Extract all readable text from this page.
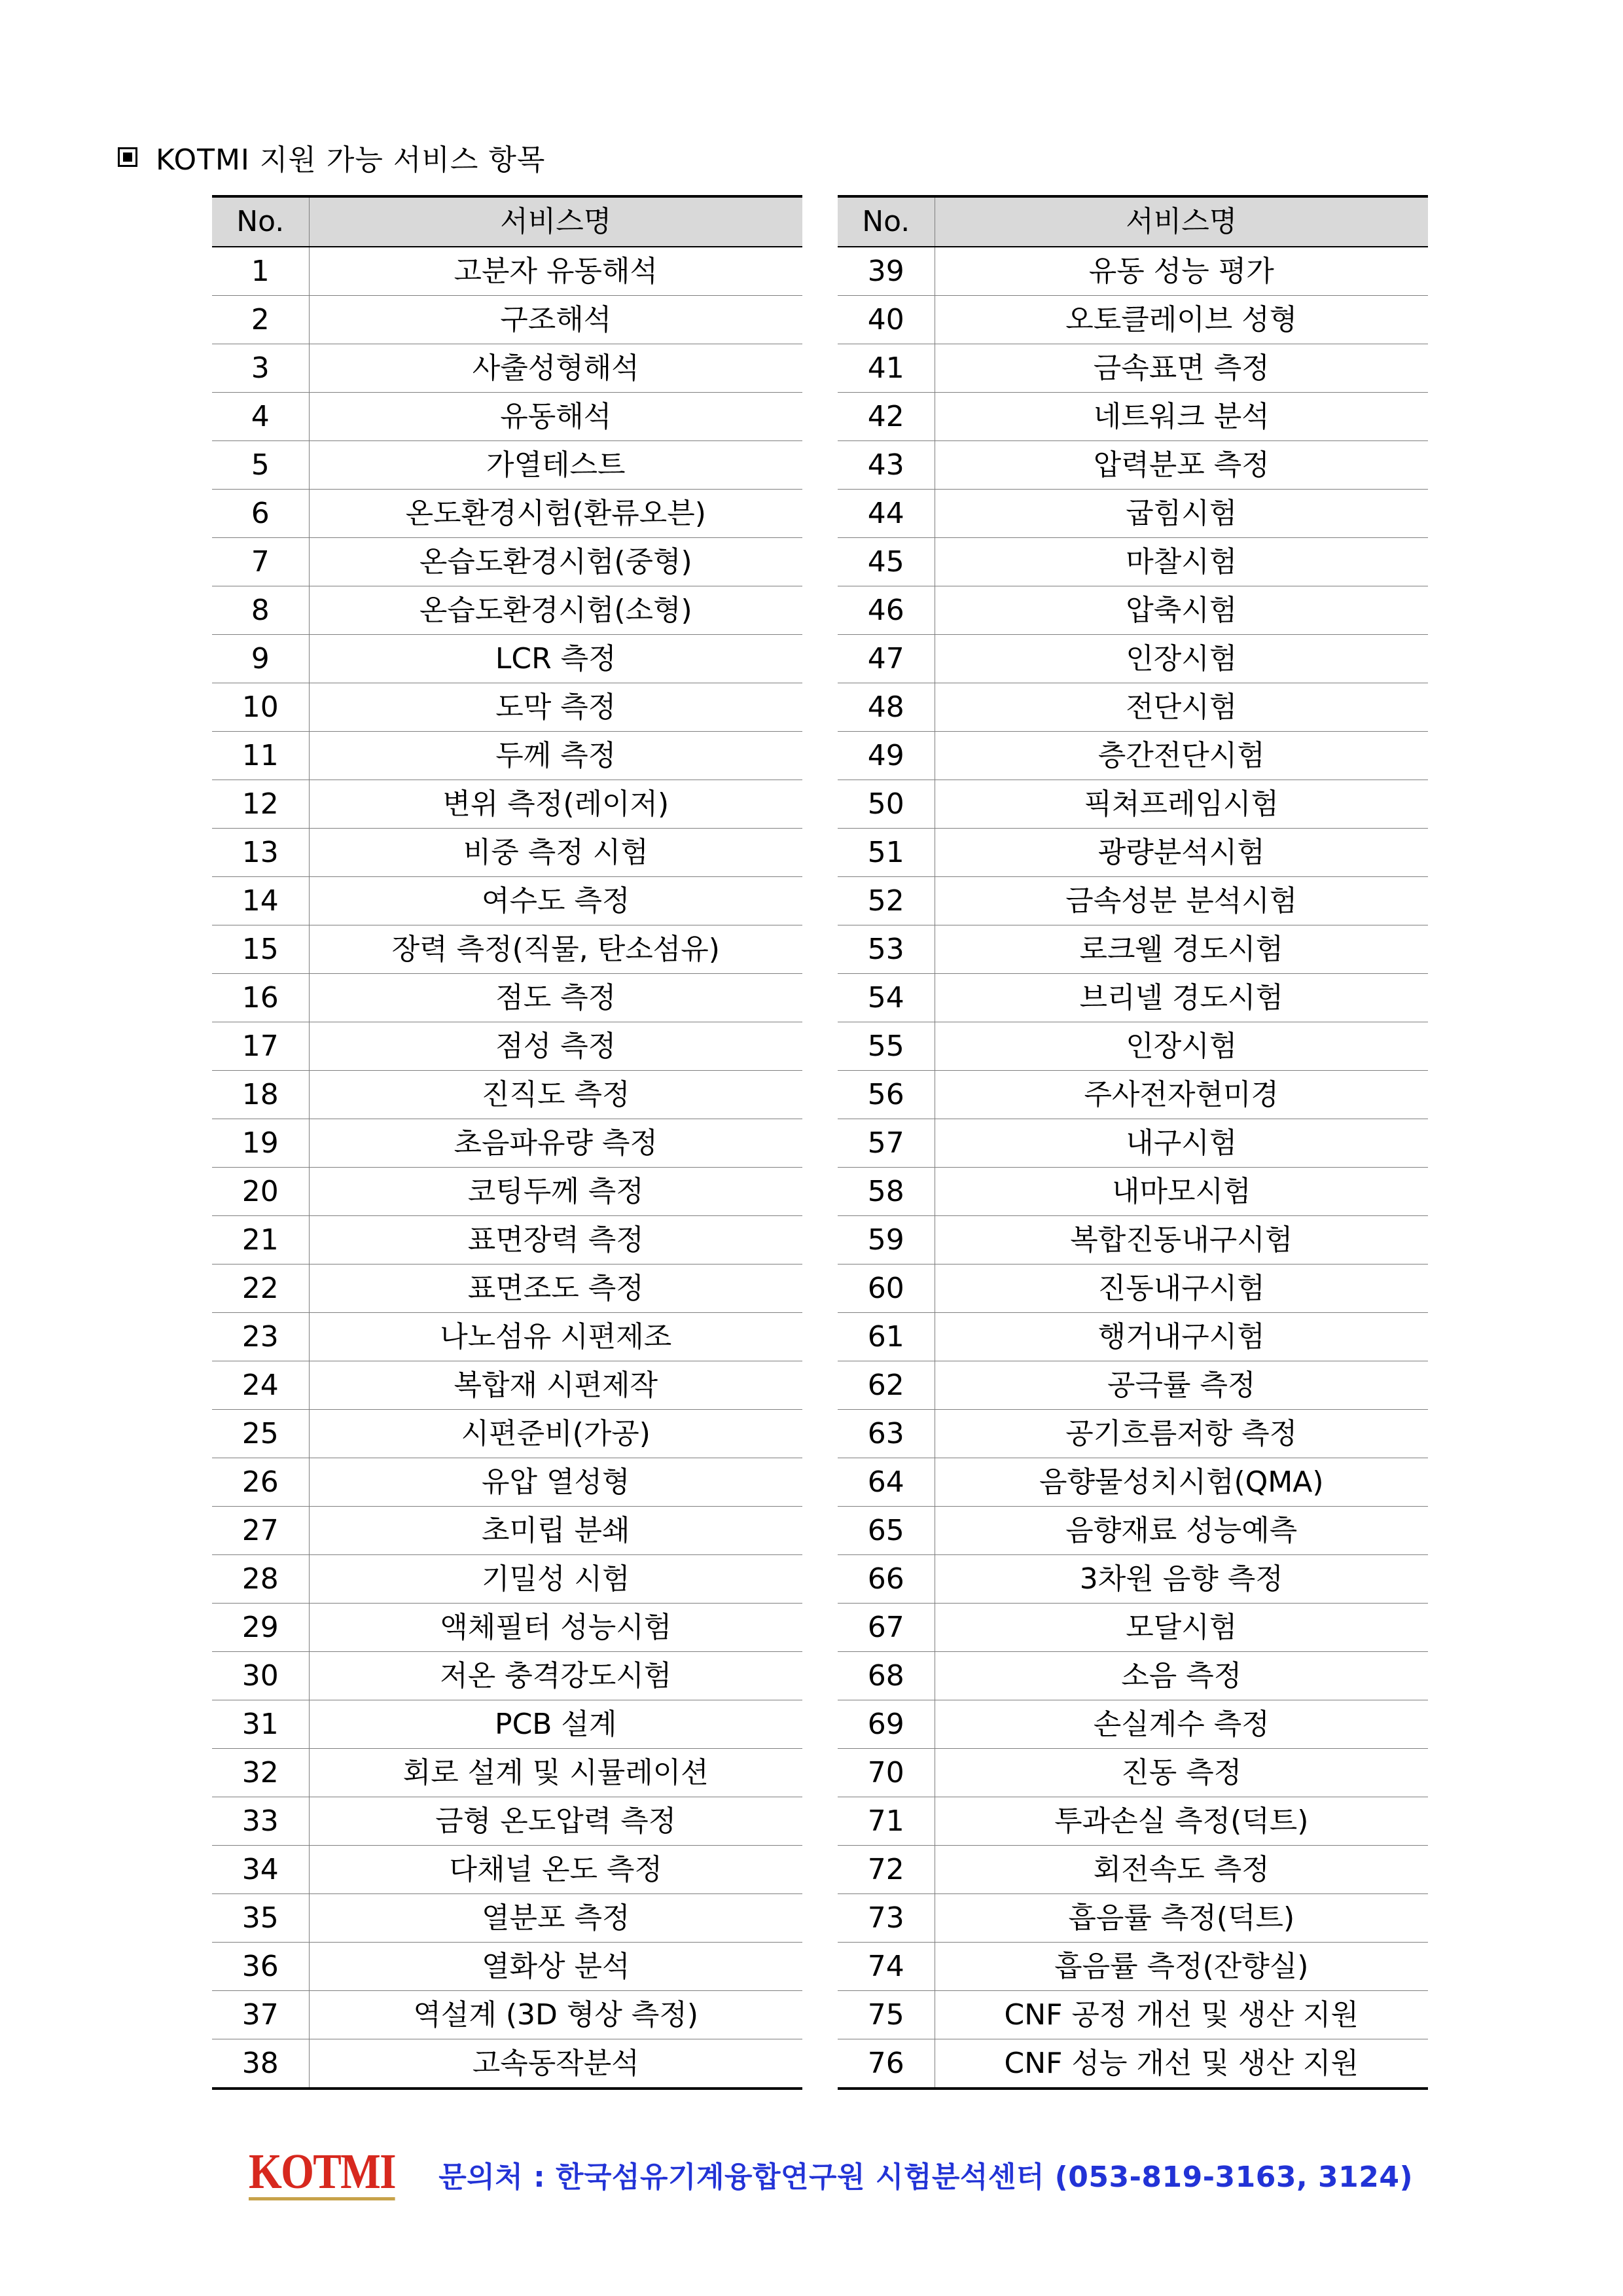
KOTMI 지원 가능 서비스 항목
No.	서비스명
1	고분자 유동해석
2	구조해석
3	사출성형해석
4	유동해석
5	가열테스트
6	온도환경시험(환류오븐)
7	온습도환경시험(중형)
8	온습도환경시험(소형)
9	LCR 측정
10	도막 측정
11	두께 측정
12	변위 측정(레이저)
13	비중 측정 시험
14	여수도 측정
15	장력 측정(직물, 탄소섬유)
16	점도 측정
17	점성 측정
18	진직도 측정
19	초음파유량 측정
20	코팅두께 측정
21	표면장력 측정
22	표면조도 측정
23	나노섬유 시편제조
24	복합재 시편제작
25	시편준비(가공)
26	유압 열성형
27	초미립 분쇄
28	기밀성 시험
29	액체필터 성능시험
30	저온 충격강도시험
31	PCB 설계
32	회로 설계 및 시뮬레이션
33	금형 온도압력 측정
34	다채널 온도 측정
35	열분포 측정
36	열화상 분석
37	역설계 (3D 형상 측정)
38	고속동작분석
No.	서비스명
39	유동 성능 평가
40	오토클레이브 성형
41	금속표면 측정
42	네트워크 분석
43	압력분포 측정
44	굽힘시험
45	마찰시험
46	압축시험
47	인장시험
48	전단시험
49	층간전단시험
50	픽쳐프레임시험
51	광량분석시험
52	금속성분 분석시험
53	로크웰 경도시험
54	브리넬 경도시험
55	인장시험
56	주사전자현미경
57	내구시험
58	내마모시험
59	복합진동내구시험
60	진동내구시험
61	행거내구시험
62	공극률 측정
63	공기흐름저항 측정
64	음향물성치시험(QMA)
65	음향재료 성능예측
66	3차원 음향 측정
67	모달시험
68	소음 측정
69	손실계수 측정
70	진동 측정
71	투과손실 측정(덕트)
72	회전속도 측정
73	흡음률 측정(덕트)
74	흡음률 측정(잔향실)
75	CNF 공정 개선 및 생산 지원
76	CNF 성능 개선 및 생산 지원
KOTMI 문의처 : 한국섬유기계융합연구원 시험분석센터 (053-819-3163, 3124)
